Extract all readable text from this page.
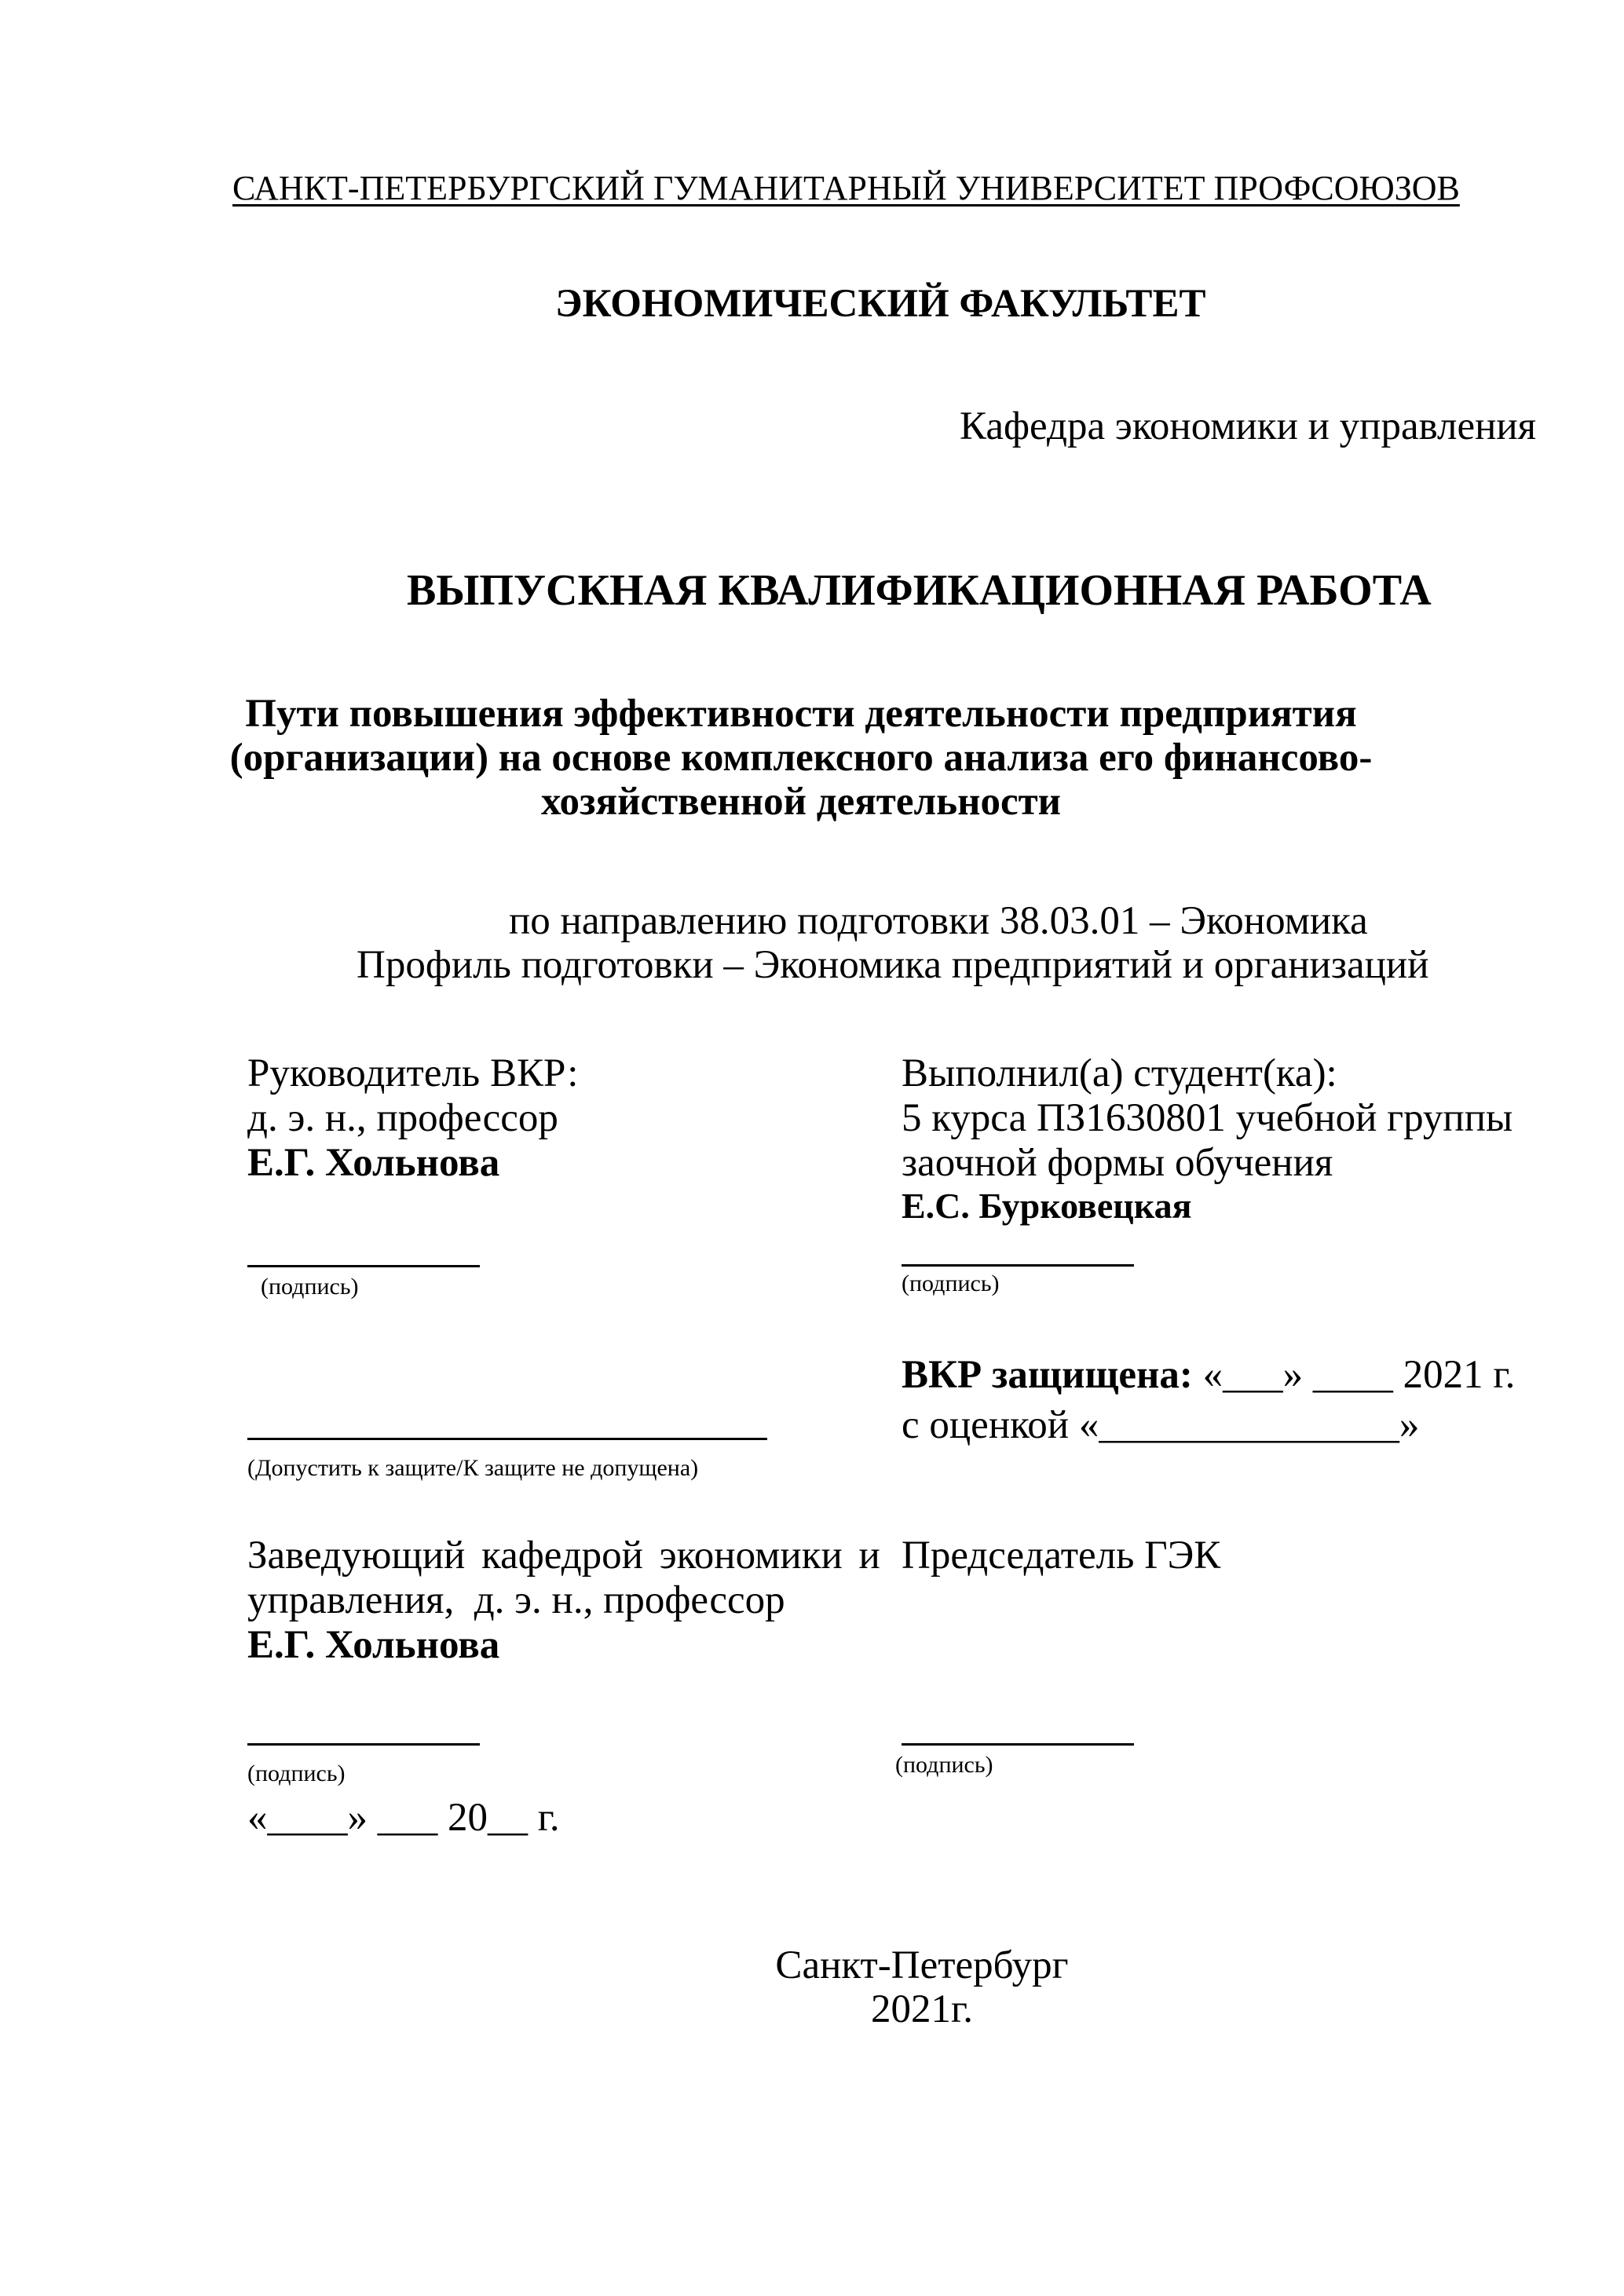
САНКТ-ПЕТЕРБУРГСКИЙ ГУМАНИТАРНЫЙ УНИВЕРСИТЕТ ПРОФСОЮЗОВ
ЭКОНОМИЧЕСКИЙ ФАКУЛЬТЕТ
Кафедра экономики и управления
ВЫПУСКНАЯ КВАЛИФИКАЦИОННАЯ РАБОТА
Пути повышения эффективности деятельности предприятия
(организации) на основе комплексного анализа его финансово-
хозяйственной деятельности
по направлению подготовки 38.03.01 – Экономика
Профиль подготовки – Экономика предприятий и организаций
Руководитель ВКР:
д. э. н., профессор
Е.Г. Хольнова
(подпись)
Выполнил(а) студент(ка):
5 курса ПЗ1630801 учебной группы
заочной формы обучения
Е.С. Бурковецкая
(подпись)
(Допустить к защите/К защите не допущена)
ВКР защищена: «___» ____ 2021 г.
с оценкой «_______________»
Заведующий кафедрой экономики и
управления,  д. э. н., профессор
Е.Г. Хольнова
(подпись)
«____» ___ 20__ г.
Председатель ГЭК
(подпись)
Санкт-Петербург
2021г.
